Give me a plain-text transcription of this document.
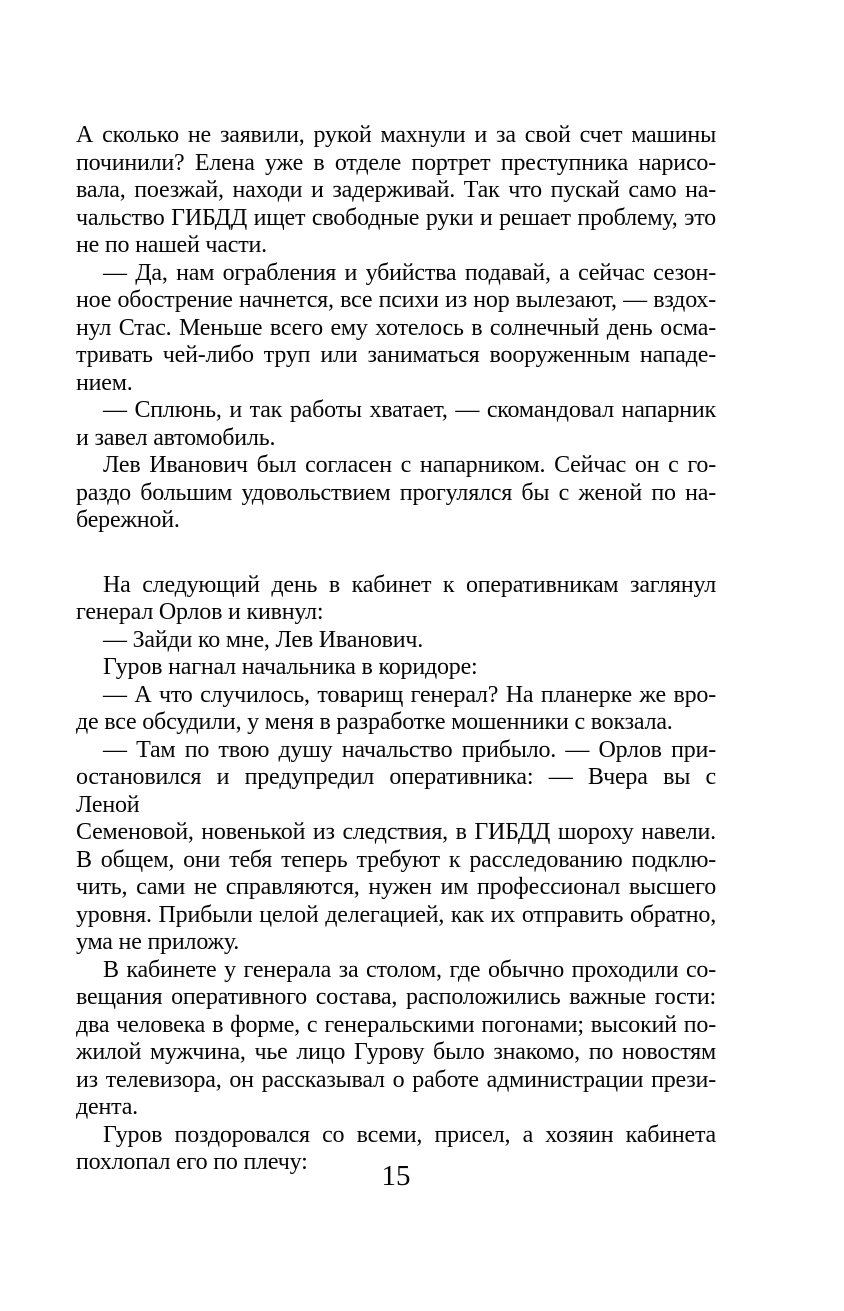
А сколько не заявили, рукой махнули и за свой счет машины
починили? Елена уже в отделе портрет преступника нарисо-
вала, поезжай, находи и задерживай. Так что пускай само на-
чальство ГИБДД ищет свободные руки и решает проблему, это
не по нашей части.

— Да, нам ограбления и убийства подавай, а сейчас сезон-
ное обострение начнется, все психи из нор вылезают, — вздох-
нул Стас. Меньше всего ему хотелось в солнечный день осма-
тривать чей-либо труп или заниматься вооруженным нападе-
нием.

— Сплюнь, и так работы хватает, — скомандовал напарник
и завел автомобиль.

Лев Иванович был согласен с напарником. Сейчас он с го-
раздо большим удовольствием прогулялся бы с женой по на-
бережной.

На следующий день в кабинет к оперативникам заглянул
генерал Орлов и кивнул:

— Зайди ко мне, Лев Иванович.

Гуров нагнал начальника в коридоре:

— А что случилось, товарищ генерал? На планерке же вро-
де все обсудили, у меня в разработке мошенники с вокзала.

— Там по твою душу начальство прибыло. — Орлов при-
остановился и предупредил оперативника: — Вчера вы с Леной
Семеновой, новенькой из следствия, в ГИБДД шороху навели.
В общем, они тебя теперь требуют к расследованию подклю-
чить, сами не справляются, нужен им профессионал высшего
уровня. Прибыли целой делегацией, как их отправить обратно,
ума не приложу.

В кабинете у генерала за столом, где обычно проходили со-
вещания оперативного состава, расположились важные гости:
два человека в форме, с генеральскими погонами; высокий по-
жилой мужчина, чье лицо Гурову было знакомо, по новостям
из телевизора, он рассказывал о работе администрации прези-
дента.

Гуров поздоровался со всеми, присел, а хозяин кабинета
похлопал его по плечу:	15
